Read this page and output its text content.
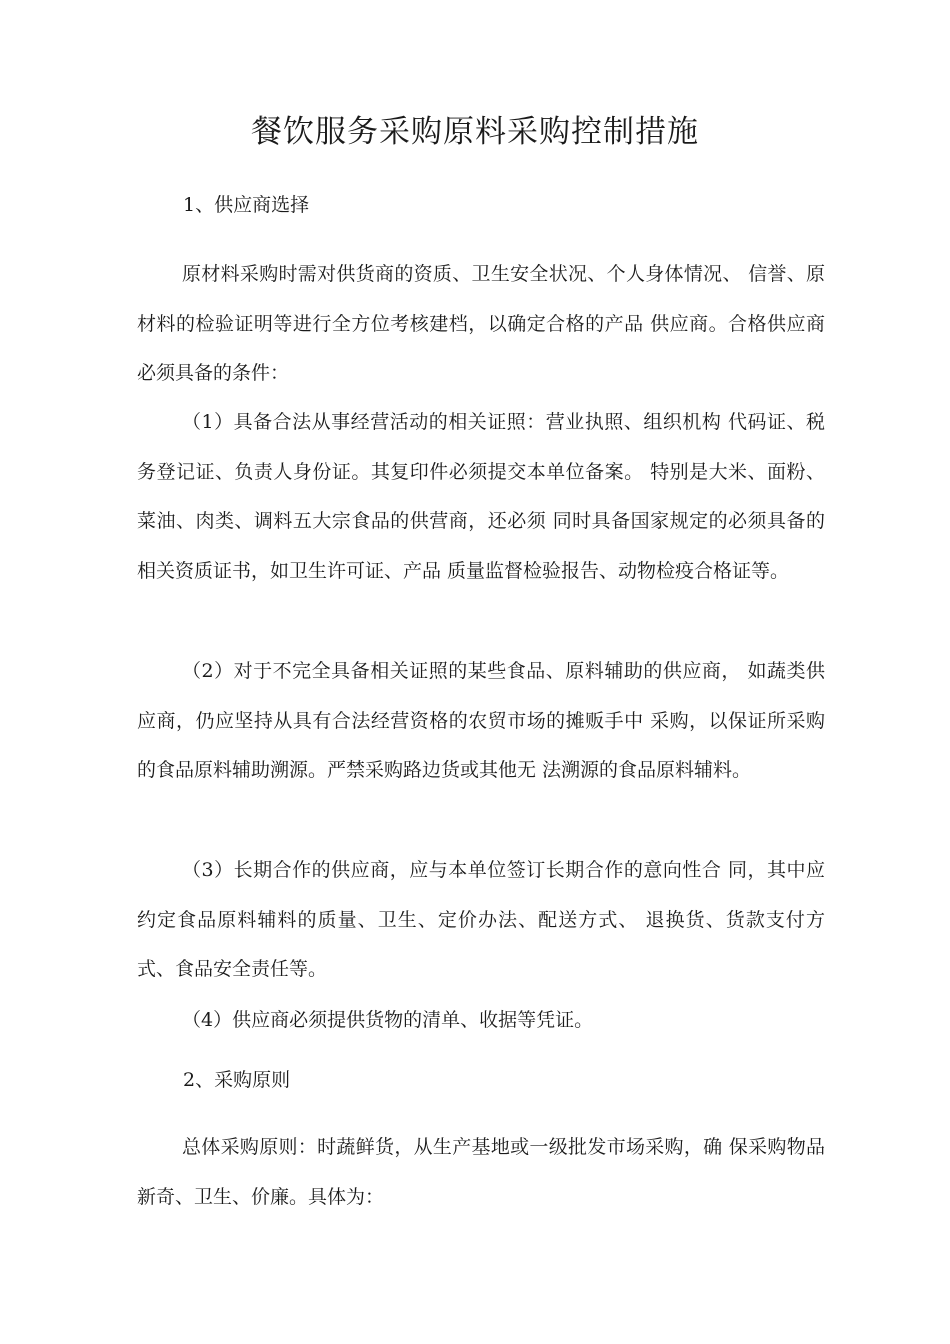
餐饮服务采购原料采购控制措施

1、供应商选择

原材料采购时需对供货商的资质、卫生安全状况、个人身体情况、 信誉、原材料的检验证明等进行全方位考核建档，以确定合格的产品 供应商。合格供应商必须具备的条件：

（1）具备合法从事经营活动的相关证照：营业执照、组织机构 代码证、税务登记证、负责人身份证。其复印件必须提交本单位备案。 特别是大米、面粉、菜油、肉类、调料五大宗食品的供营商，还必须 同时具备国家规定的必须具备的相关资质证书，如卫生许可证、产品 质量监督检验报告、动物检疫合格证等。

（2）对于不完全具备相关证照的某些食品、原料辅助的供应商， 如蔬类供应商，仍应坚持从具有合法经营资格的农贸市场的摊贩手中 采购，以保证所采购的食品原料辅助溯源。严禁采购路边货或其他无 法溯源的食品原料辅料。

（3）长期合作的供应商，应与本单位签订长期合作的意向性合 同，其中应约定食品原料辅料的质量、卫生、定价办法、配送方式、 退换货、货款支付方式、食品安全责任等。

（4）供应商必须提供货物的清单、收据等凭证。

2、采购原则

总体采购原则：时蔬鲜货，从生产基地或一级批发市场采购，确 保采购物品新奇、卫生、价廉。具体为：
